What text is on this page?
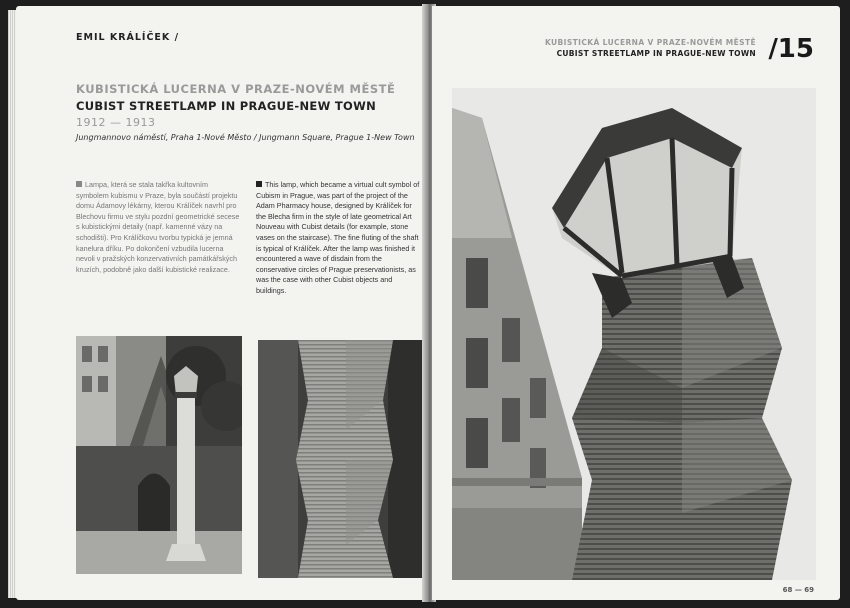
EMIL KRÁLÍČEK /
KUBISTICKÁ LUCERNA V PRAZE-NOVÉM MĚSTĚ
CUBIST STREETLAMP IN PRAGUE-NEW TOWN
1912 — 1913
Jungmannovo náměstí, Praha 1-Nové Město / Jungmann Square, Prague 1-New Town
Lampa, která se stala takřka kultovním symbolem kubismu v Praze, byla součástí projektu domu Ádamovy lékárny, kterou Králíček navrhl pro Blechovu firmu ve stylu pozdní geometrické secese s kubistickými detaily (např. kamenné vázy na schodišti). Pro Králíčkovu tvorbu typická je jemná kanelura dříku. Po dokončení vzbudila lucerna nevoli v pražských konzervativních památkářských kruzích, podobně jako další kubistické realizace.
This lamp, which became a virtual cult symbol of Cubism in Prague, was part of the project of the Adam Pharmacy house, designed by Králíček for the Blecha firm in the style of late geometrical Art Nouveau with Cubist details (for example, stone vases on the staircase). The fine fluting of the shaft is typical of Králíček. After the lamp was finished it encountered a wave of disdain from the conservative circles of Prague preservationists, as was the case with other Cubist objects and buildings.
KUBISTICKÁ LUCERNA V PRAZE-NOVÉM MĚSTĚ
CUBIST STREETLAMP IN PRAGUE-NEW TOWN /15
68 — 69
